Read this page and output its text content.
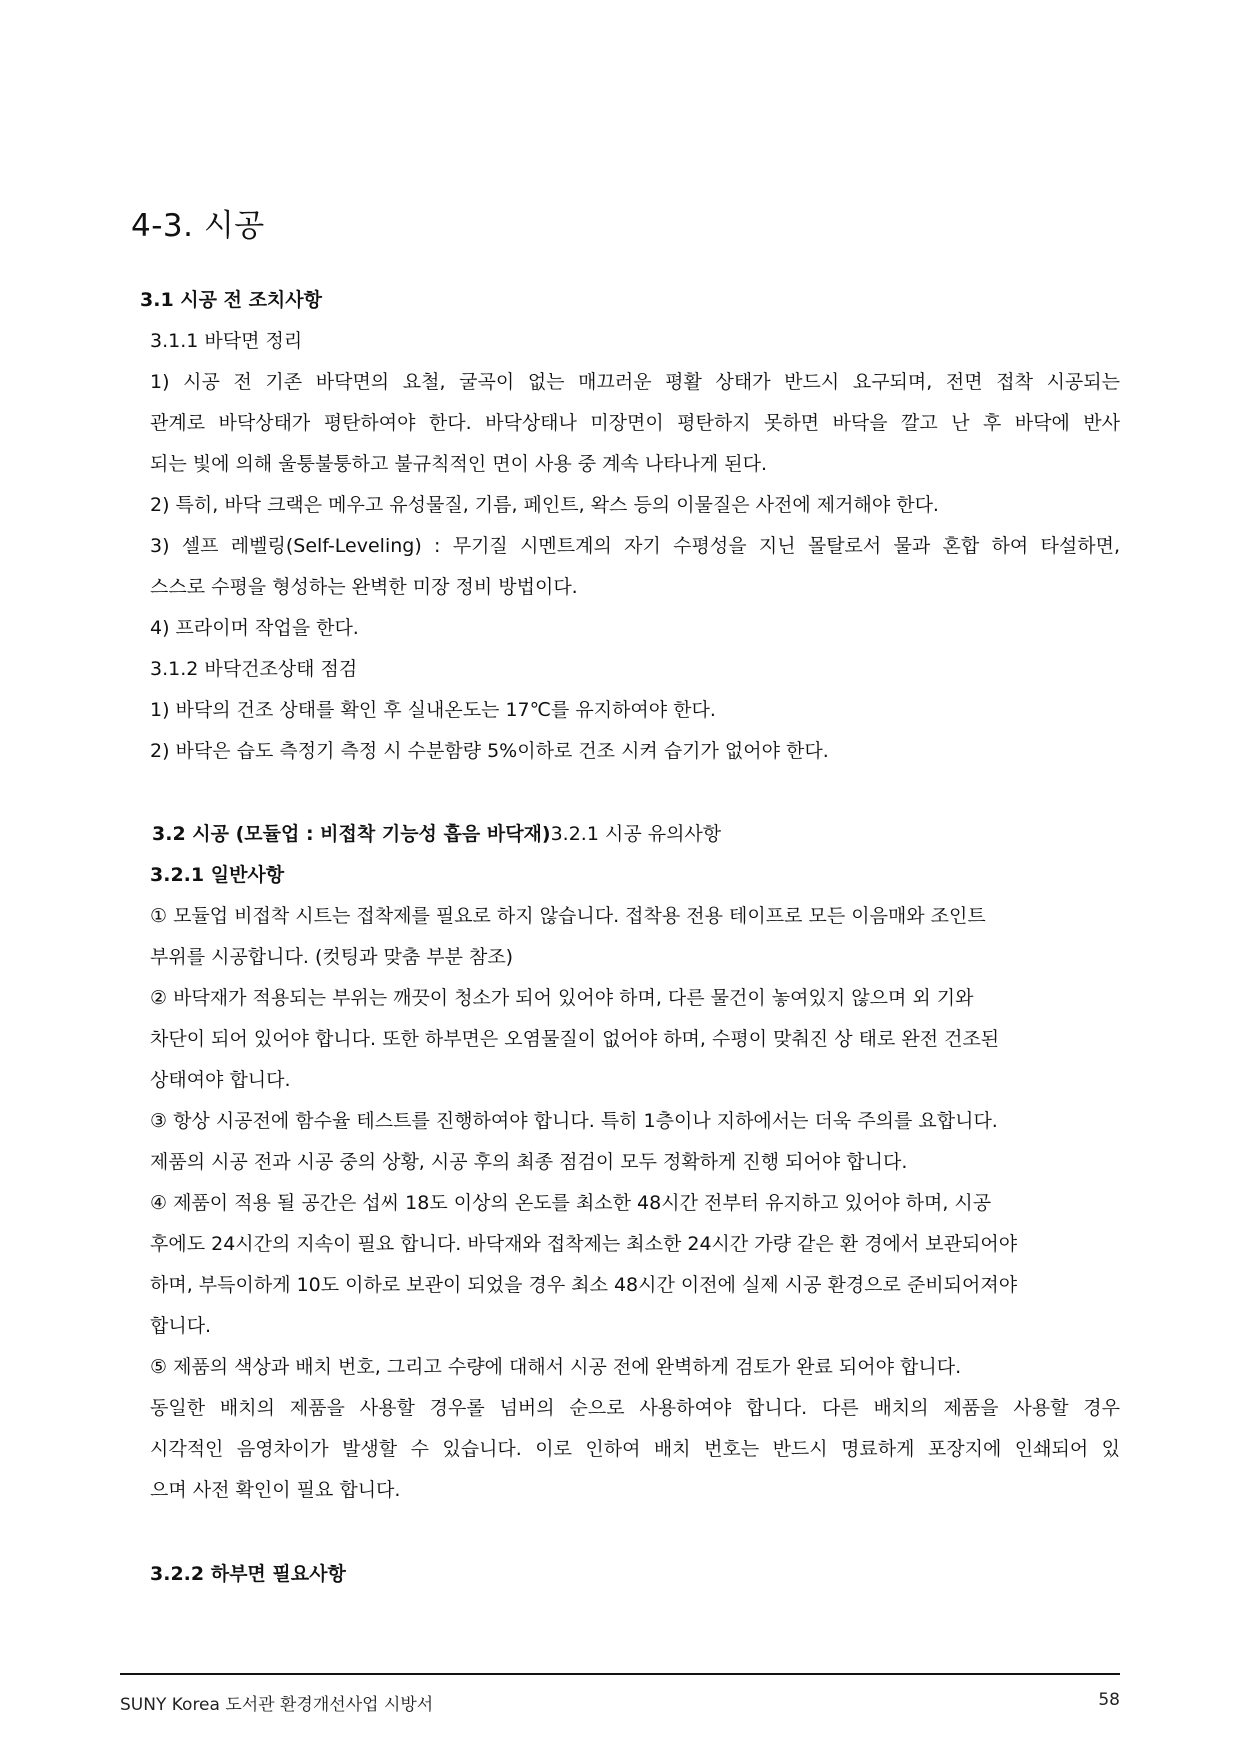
4-3. 시공

3.1 시공 전 조치사항

3.1.1 바닥면 정리

1) 시공 전 기존 바닥면의 요철, 굴곡이 없는 매끄러운 평활 상태가 반드시 요구되며, 전면 접착 시공되는

관계로 바닥상태가 평탄하여야 한다. 바닥상태나 미장면이 평탄하지 못하면 바닥을 깔고 난 후 바닥에 반사

되는 빛에 의해 울퉁불퉁하고 불규칙적인 면이 사용 중 계속 나타나게 된다.

2) 특히, 바닥 크랙은 메우고 유성물질, 기름, 페인트, 왁스 등의 이물질은 사전에 제거해야 한다.

3) 셀프 레벨링(Self-Leveling) : 무기질 시멘트계의 자기 수평성을 지닌 몰탈로서 물과 혼합 하여 타설하면,

스스로 수평을 형성하는 완벽한 미장 정비 방법이다.

4) 프라이머 작업을 한다.

3.1.2 바닥건조상태 점검

1) 바닥의 건조 상태를 확인 후 실내온도는 17℃를 유지하여야 한다.

2) 바닥은 습도 측정기 측정 시 수분함량 5%이하로 건조 시켜 습기가 없어야 한다.

3.2 시공 (모듈업 : 비접착 기능성 흡음 바닥재)3.2.1 시공 유의사항

3.2.1 일반사항

① 모듈업 비접착 시트는 접착제를 필요로 하지 않습니다. 접착용 전용 테이프로 모든 이음매와 조인트

부위를 시공합니다. (컷팅과 맞춤 부분 참조)

② 바닥재가 적용되는 부위는 깨끗이 청소가 되어 있어야 하며, 다른 물건이 놓여있지 않으며 외 기와

차단이 되어 있어야 합니다. 또한 하부면은 오염물질이 없어야 하며, 수평이 맞춰진 상 태로 완전 건조된

상태여야 합니다.

③ 항상 시공전에 함수율 테스트를 진행하여야 합니다. 특히 1층이나 지하에서는 더욱 주의를 요합니다.

제품의 시공 전과 시공 중의 상황, 시공 후의 최종 점검이 모두 정확하게 진행 되어야 합니다.

④ 제품이 적용 될 공간은 섭씨 18도 이상의 온도를 최소한 48시간 전부터 유지하고 있어야 하며, 시공

후에도 24시간의 지속이 필요 합니다. 바닥재와 접착제는 최소한 24시간 가량 같은 환 경에서 보관되어야

하며, 부득이하게 10도 이하로 보관이 되었을 경우 최소 48시간 이전에 실제 시공 환경으로 준비되어져야

합니다.

⑤ 제품의 색상과 배치 번호, 그리고 수량에 대해서 시공 전에 완벽하게 검토가 완료 되어야 합니다.

동일한 배치의 제품을 사용할 경우롤 넘버의 순으로 사용하여야 합니다. 다른 배치의 제품을 사용할 경우

시각적인 음영차이가 발생할 수 있습니다. 이로 인하여 배치 번호는 반드시 명료하게 포장지에 인쇄되어 있

으며 사전 확인이 필요 합니다.

3.2.2 하부면 필요사항

SUNY Korea 도서관 환경개선사업 시방서	58
